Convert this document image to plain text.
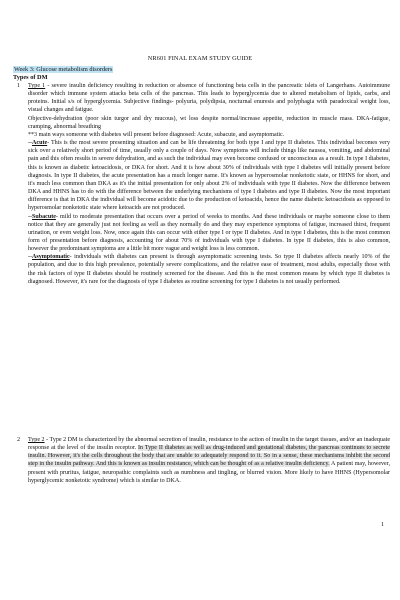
NR601 FINAL EXAM STUDY GUIDE
Week 3: Glucose metabolism disorders
Types of DM
1 Type 1 - severe insulin deficiency resulting in reduction or absence of functioning beta cells in the pancreatic islets of Langerhans. Autoimmune disorder which immune system attacks beta cells of the pancreas. This leads to hyperglycemia due to altered metabolism of lipids, carbs, and proteins. Initial s/s of hyperglycemia. Subjective findings- polyuria, polydipsia, nocturnal enuresis and polyphagia with paradoxical weight loss, visual changes and fatigue.

Objective-dehydration (poor skin turgor and dry mucous), wt loss despite normal/increase appetite, reduction in muscle mass. DKA-fatigue, cramping, abnormal breathing

**3 main ways someone with diabetes will present before diagnosed: Acute, subacute, and asymptomatic.

--Acute- This is the most severe presenting situation and can be life threatening for both type I and type II diabetes. This individual becomes very sick over a relatively short period of time, usually only a couple of days. Now symptoms will include things like nausea, vomiting, and abdominal pain and this often results in severe dehydration, and as such the individual may even become confused or unconscious as a result. In type I diabetes, this is known as diabetic ketoacidosis, or DKA for short. And it is how about 30% of individuals with type I diabetes will initially present before diagnosis. In type II diabetes, the acute presentation has a much longer name. It's known as hyperosmolar nonketotic state, or HHNS for short, and it's much less common than DKA as it's the initial presentation for only about 2% of individuals with type II diabetes. Now the difference between DKA and HHNS has to do with the difference between the underlying mechanisms of type I diabetes and type II diabetes. Now the most important difference is that in DKA the individual will become acidotic due to the production of ketoacids, hence the name diabetic ketoacidosis as opposed to hyperosmolar nonketotic state where ketoacids are not produced.

--Subacute- mild to moderate presentation that occurs over a period of weeks to months. And these individuals or maybe someone close to them notice that they are generally just not feeling as well as they normally do and they may experience symptoms of fatigue, increased thirst, frequent urination, or even weight loss. Now, once again this can occur with either type I or type II diabetes. And in type I diabetes, this is the most common form of presentation before diagnosis, accounting for about 70% of individuals with type I diabetes. In type II diabetes, this is also common, however the predominant symptoms are a little bit more vague and weight loss is less common.

--Asymptomatic- individuals with diabetes can present is through asymptomatic screening tests. So type II diabetes affects nearly 10% of the population, and due to this high prevalence, potentially severe complications, and the relative ease of treatment, most adults, especially those with the risk factors of type II diabetes should be routinely screened for the disease. And this is the most common means by which type II diabetes is diagnosed. However, it's rare for the diagnosis of type I diabetes as routine screening for type I diabetes is not usually performed.

2 Type 2 - Type 2 DM is characterized by the abnormal secretion of insulin, resistance to the action of insulin in the target tissues, and/or an inadequate response at the level of the insulin receptor. In Type II diabetes as well as drug-induced and gestational diabetes, the pancreas continues to secrete insulin. However, it's the cells throughout the body that are unable to adequately respond to it. So in a sense, these mechanisms inhibit the second step in the insulin pathway. And this is known as insulin resistance, which can be thought of as a relative insulin deficiency. A patient may, however, present with pruritus, fatigue, neuropathic complaints such as numbness and tingling, or blurred vision. More likely to have HHNS (Hypersomolar hyperglycemic nonketotic syndrome) which is similar to DKA.

1
